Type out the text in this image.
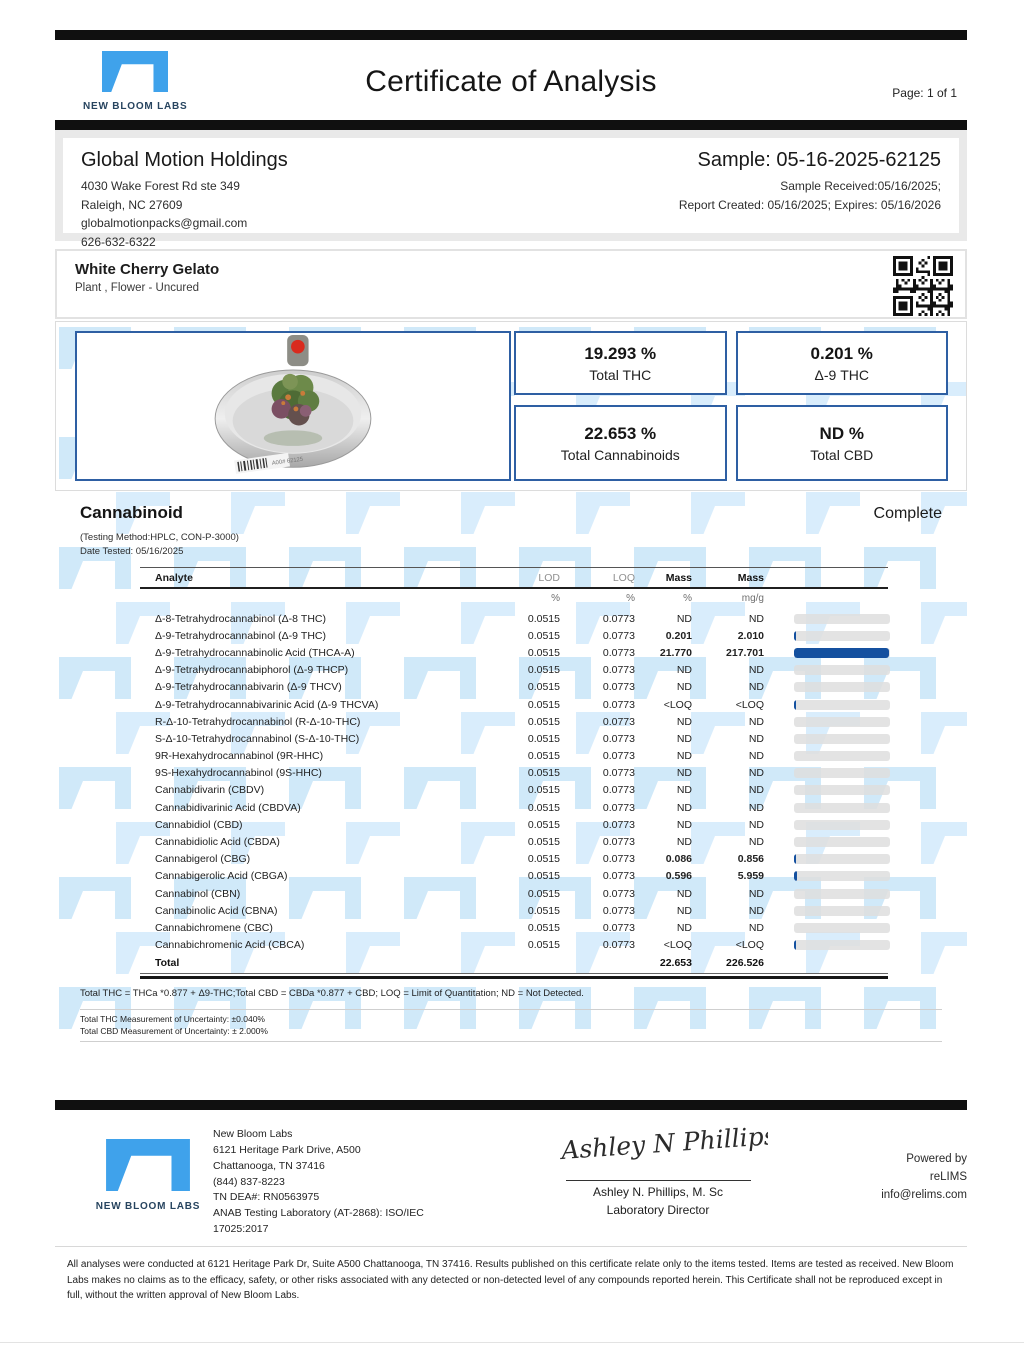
NEW BLOOM LABS
Certificate of Analysis	Page: 1 of 1
Global Motion Holdings
4030 Wake Forest Rd ste 349
Raleigh, NC 27609
globalmotionpacks@gmail.com
626-632-6322
Sample: 05-16-2025-62125
Sample Received:05/16/2025;
Report Created: 05/16/2025; Expires: 05/16/2026
White Cherry Gelato
Plant , Flower - Uncured
A00# 62125
19.293 %
Total THC
0.201 %
Δ-9 THC
22.653 %
Total Cannabinoids
ND %
Total CBD
Cannabinoid	Complete
(Testing Method:HPLC, CON-P-3000)
Date Tested: 05/16/2025
Analyte	LOD	LOQ	Mass	Mass	
	%	%	%	mg/g	
Δ-8-Tetrahydrocannabinol (Δ-8 THC)	0.0515	0.0773	ND	ND	

Δ-9-Tetrahydrocannabinol (Δ-9 THC)	0.0515	0.0773	0.201	2.010	

Δ-9-Tetrahydrocannabinolic Acid (THCA-A)	0.0515	0.0773	21.770	217.701	

Δ-9-Tetrahydrocannabiphorol (Δ-9 THCP)	0.0515	0.0773	ND	ND	

Δ-9-Tetrahydrocannabivarin (Δ-9 THCV)	0.0515	0.0773	ND	ND	

Δ-9-Tetrahydrocannabivarinic Acid (Δ-9 THCVA)	0.0515	0.0773	<LOQ	<LOQ	

R-Δ-10-Tetrahydrocannabinol (R-Δ-10-THC)	0.0515	0.0773	ND	ND	

S-Δ-10-Tetrahydrocannabinol (S-Δ-10-THC)	0.0515	0.0773	ND	ND	

9R-Hexahydrocannabinol (9R-HHC)	0.0515	0.0773	ND	ND	

9S-Hexahydrocannabinol (9S-HHC)	0.0515	0.0773	ND	ND	

Cannabidivarin (CBDV)	0.0515	0.0773	ND	ND	

Cannabidivarinic Acid (CBDVA)	0.0515	0.0773	ND	ND	

Cannabidiol (CBD)	0.0515	0.0773	ND	ND	

Cannabidiolic Acid (CBDA)	0.0515	0.0773	ND	ND	

Cannabigerol (CBG)	0.0515	0.0773	0.086	0.856	

Cannabigerolic Acid (CBGA)	0.0515	0.0773	0.596	5.959	

Cannabinol (CBN)	0.0515	0.0773	ND	ND	

Cannabinolic Acid (CBNA)	0.0515	0.0773	ND	ND	

Cannabichromene (CBC)	0.0515	0.0773	ND	ND	

Cannabichromenic Acid (CBCA)	0.0515	0.0773	<LOQ	<LOQ	

Total			22.653	226.526	
Total THC = THCa *0.877 + Δ9-THC;Total CBD = CBDa *0.877 + CBD; LOQ = Limit of Quantitation; ND = Not Detected.
Total THC Measurement of Uncertainty: ±0.040%
Total CBD Measurement of Uncertainty: ± 2.000%
NEW BLOOM LABS
New Bloom Labs
6121 Heritage Park Drive, A500
Chattanooga, TN 37416
(844) 837-8223
TN DEA#: RN0563975
ANAB Testing Laboratory (AT-2868): ISO/IEC
17025:2017
Ashley N Phillips
Ashley N. Phillips, M. Sc
Laboratory Director
Powered by
reLIMS
info@relims.com
All analyses were conducted at 6121 Heritage Park Dr, Suite A500 Chattanooga, TN 37416. Results published on this certificate relate only to the items tested. Items are tested as received. New Bloom Labs makes no claims as to the efficacy, safety, or other risks associated with any detected or non-detected level of any compounds reported herein. This Certificate shall not be reproduced except in full, without the written approval of New Bloom Labs.
